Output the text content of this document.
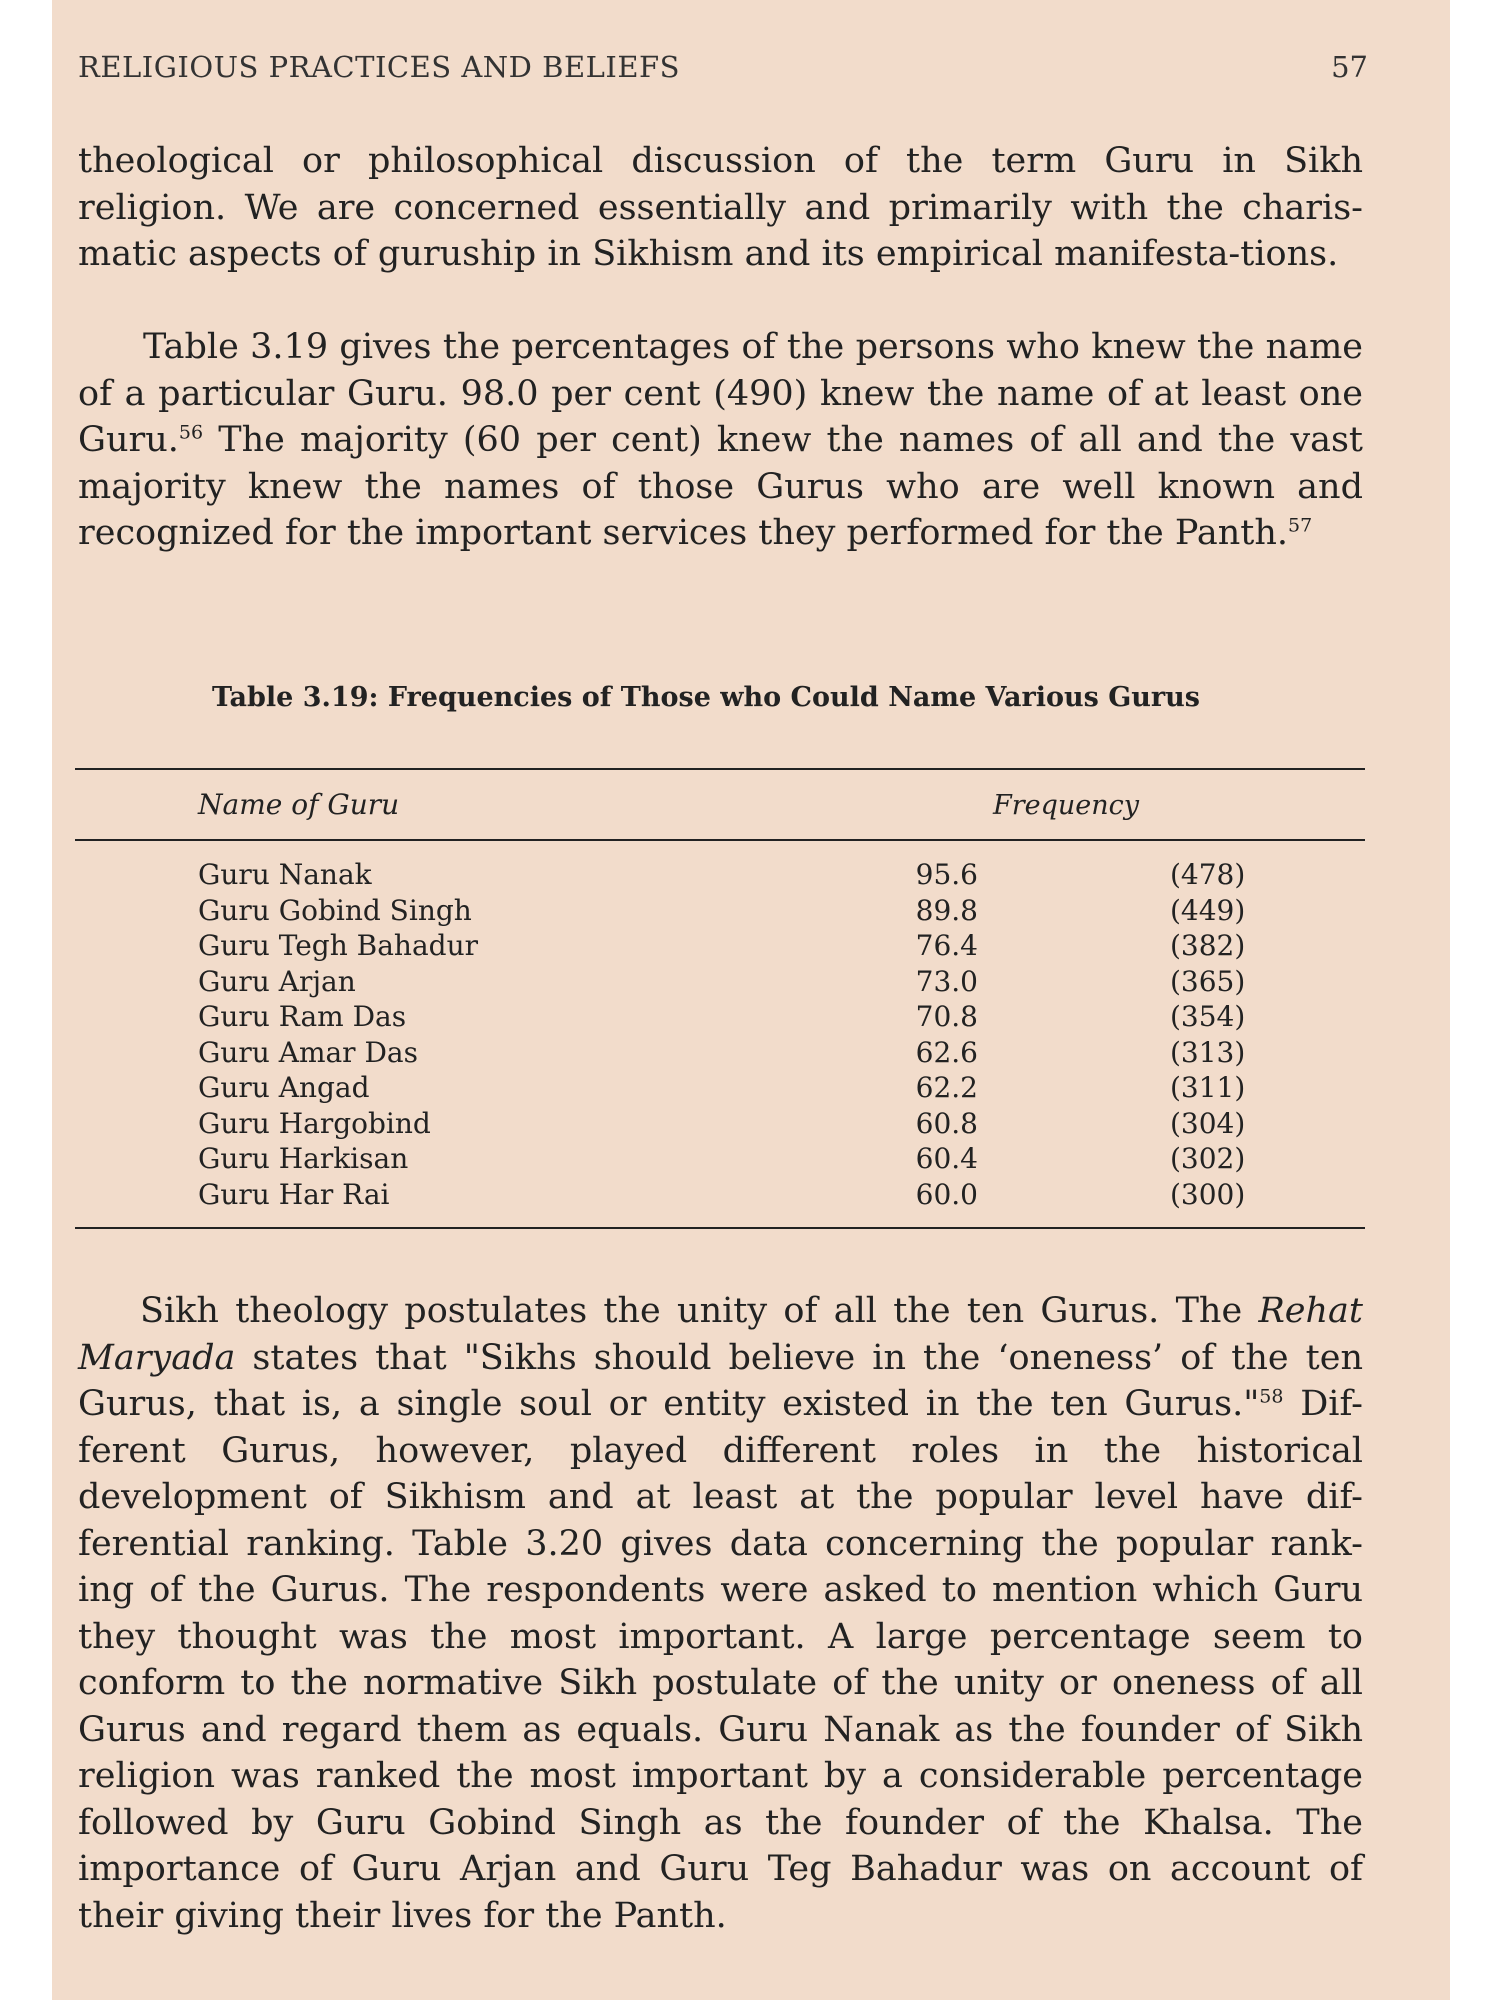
RELIGIOUS PRACTICES AND BELIEFS	57

theological or philosophical discussion of the term Guru in Sikh religion. We are concerned essentially and primarily with the charis-matic aspects of guruship in Sikhism and its empirical manifesta-tions.

Table 3.19 gives the percentages of the persons who knew the name of a particular Guru. 98.0 per cent (490) knew the name of at least one Guru.$^{56}$ The majority (60 per cent) knew the names of all and the vast majority knew the names of those Gurus who are well known and recognized for the important services they performed for the Panth.$^{57}$

Table 3.19: Frequencies of Those who Could Name Various Gurus
Name of Guru	Frequency
Guru Nanak	95.6	(478)
Guru Gobind Singh	89.8	(449)
Guru Tegh Bahadur	76.4	(382)
Guru Arjan	73.0	(365)
Guru Ram Das	70.8	(354)
Guru Amar Das	62.6	(313)
Guru Angad	62.2	(311)
Guru Hargobind	60.8	(304)
Guru Harkisan	60.4	(302)
Guru Har Rai	60.0	(300)

Sikh theology postulates the unity of all the ten Gurus. The Rehat Maryada states that "Sikhs should believe in the ‘oneness’ of the ten Gurus, that is, a single soul or entity existed in the ten Gurus."$^{58}$ Dif-ferent Gurus, however, played different roles in the historical development of Sikhism and at least at the popular level have dif-ferential ranking. Table 3.20 gives data concerning the popular rank-ing of the Gurus. The respondents were asked to mention which Guru they thought was the most important. A large percentage seem to conform to the normative Sikh postulate of the unity or oneness of all Gurus and regard them as equals. Guru Nanak as the founder of Sikh religion was ranked the most important by a considerable percentage followed by Guru Gobind Singh as the founder of the Khalsa. The importance of Guru Arjan and Guru Teg Bahadur was on account of their giving their lives for the Panth.
